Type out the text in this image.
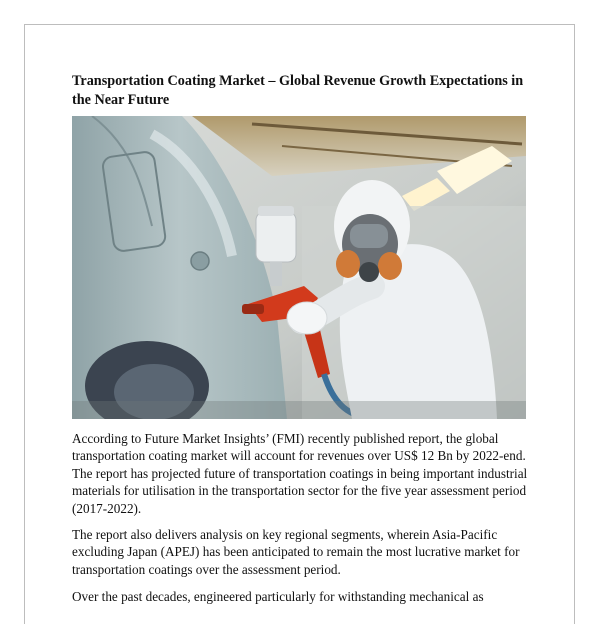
Transportation Coating Market – Global Revenue Growth Expectations in the Near Future

According to Future Market Insights’ (FMI) recently published report, the global transportation coating market will account for revenues over US$ 12 Bn by 2022-end. The report has projected future of transportation coatings in being important industrial materials for utilisation in the transportation sector for the five year assessment period (2017-2022).

The report also delivers analysis on key regional segments, wherein Asia-Pacific excluding Japan (APEJ) has been anticipated to remain the most lucrative market for transportation coatings over the assessment period.

Over the past decades, engineered particularly for withstanding mechanical as
